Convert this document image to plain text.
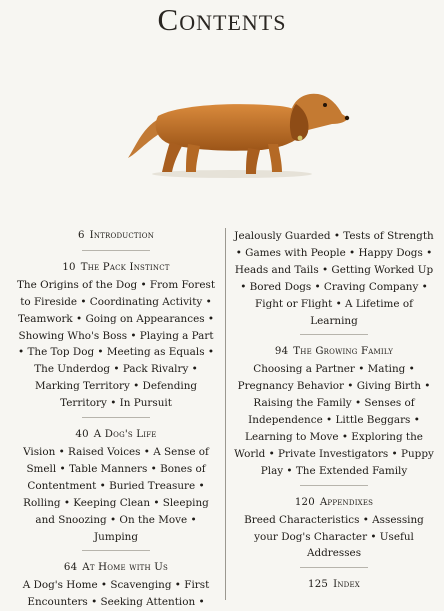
Contents

6 Introduction

10 The Pack Instinct

The Origins of the Dog • From Forest to Fireside • Coordinating Activity • Teamwork • Going on Appearances • Showing Who's Boss • Playing a Part • The Top Dog • Meeting as Equals • The Underdog • Pack Rivalry • Marking Territory • Defending Territory • In Pursuit

40 A Dog's Life

Vision • Raised Voices • A Sense of Smell • Table Manners • Bones of Contentment • Buried Treasure • Rolling • Keeping Clean • Sleeping and Snoozing • On the Move • Jumping

64 At Home with Us

A Dog's Home • Scavenging • First Encounters • Seeking Attention •

Jealously Guarded • Tests of Strength • Games with People • Happy Dogs • Heads and Tails • Getting Worked Up • Bored Dogs • Craving Company • Fight or Flight • A Lifetime of Learning

94 The Growing Family

Choosing a Partner • Mating • Pregnancy Behavior • Giving Birth • Raising the Family • Senses of Independence • Little Beggars • Learning to Move • Exploring the World • Private Investigators • Puppy Play • The Extended Family

120 Appendixes

Breed Characteristics • Assessing your Dog's Character • Useful Addresses

125 Index
